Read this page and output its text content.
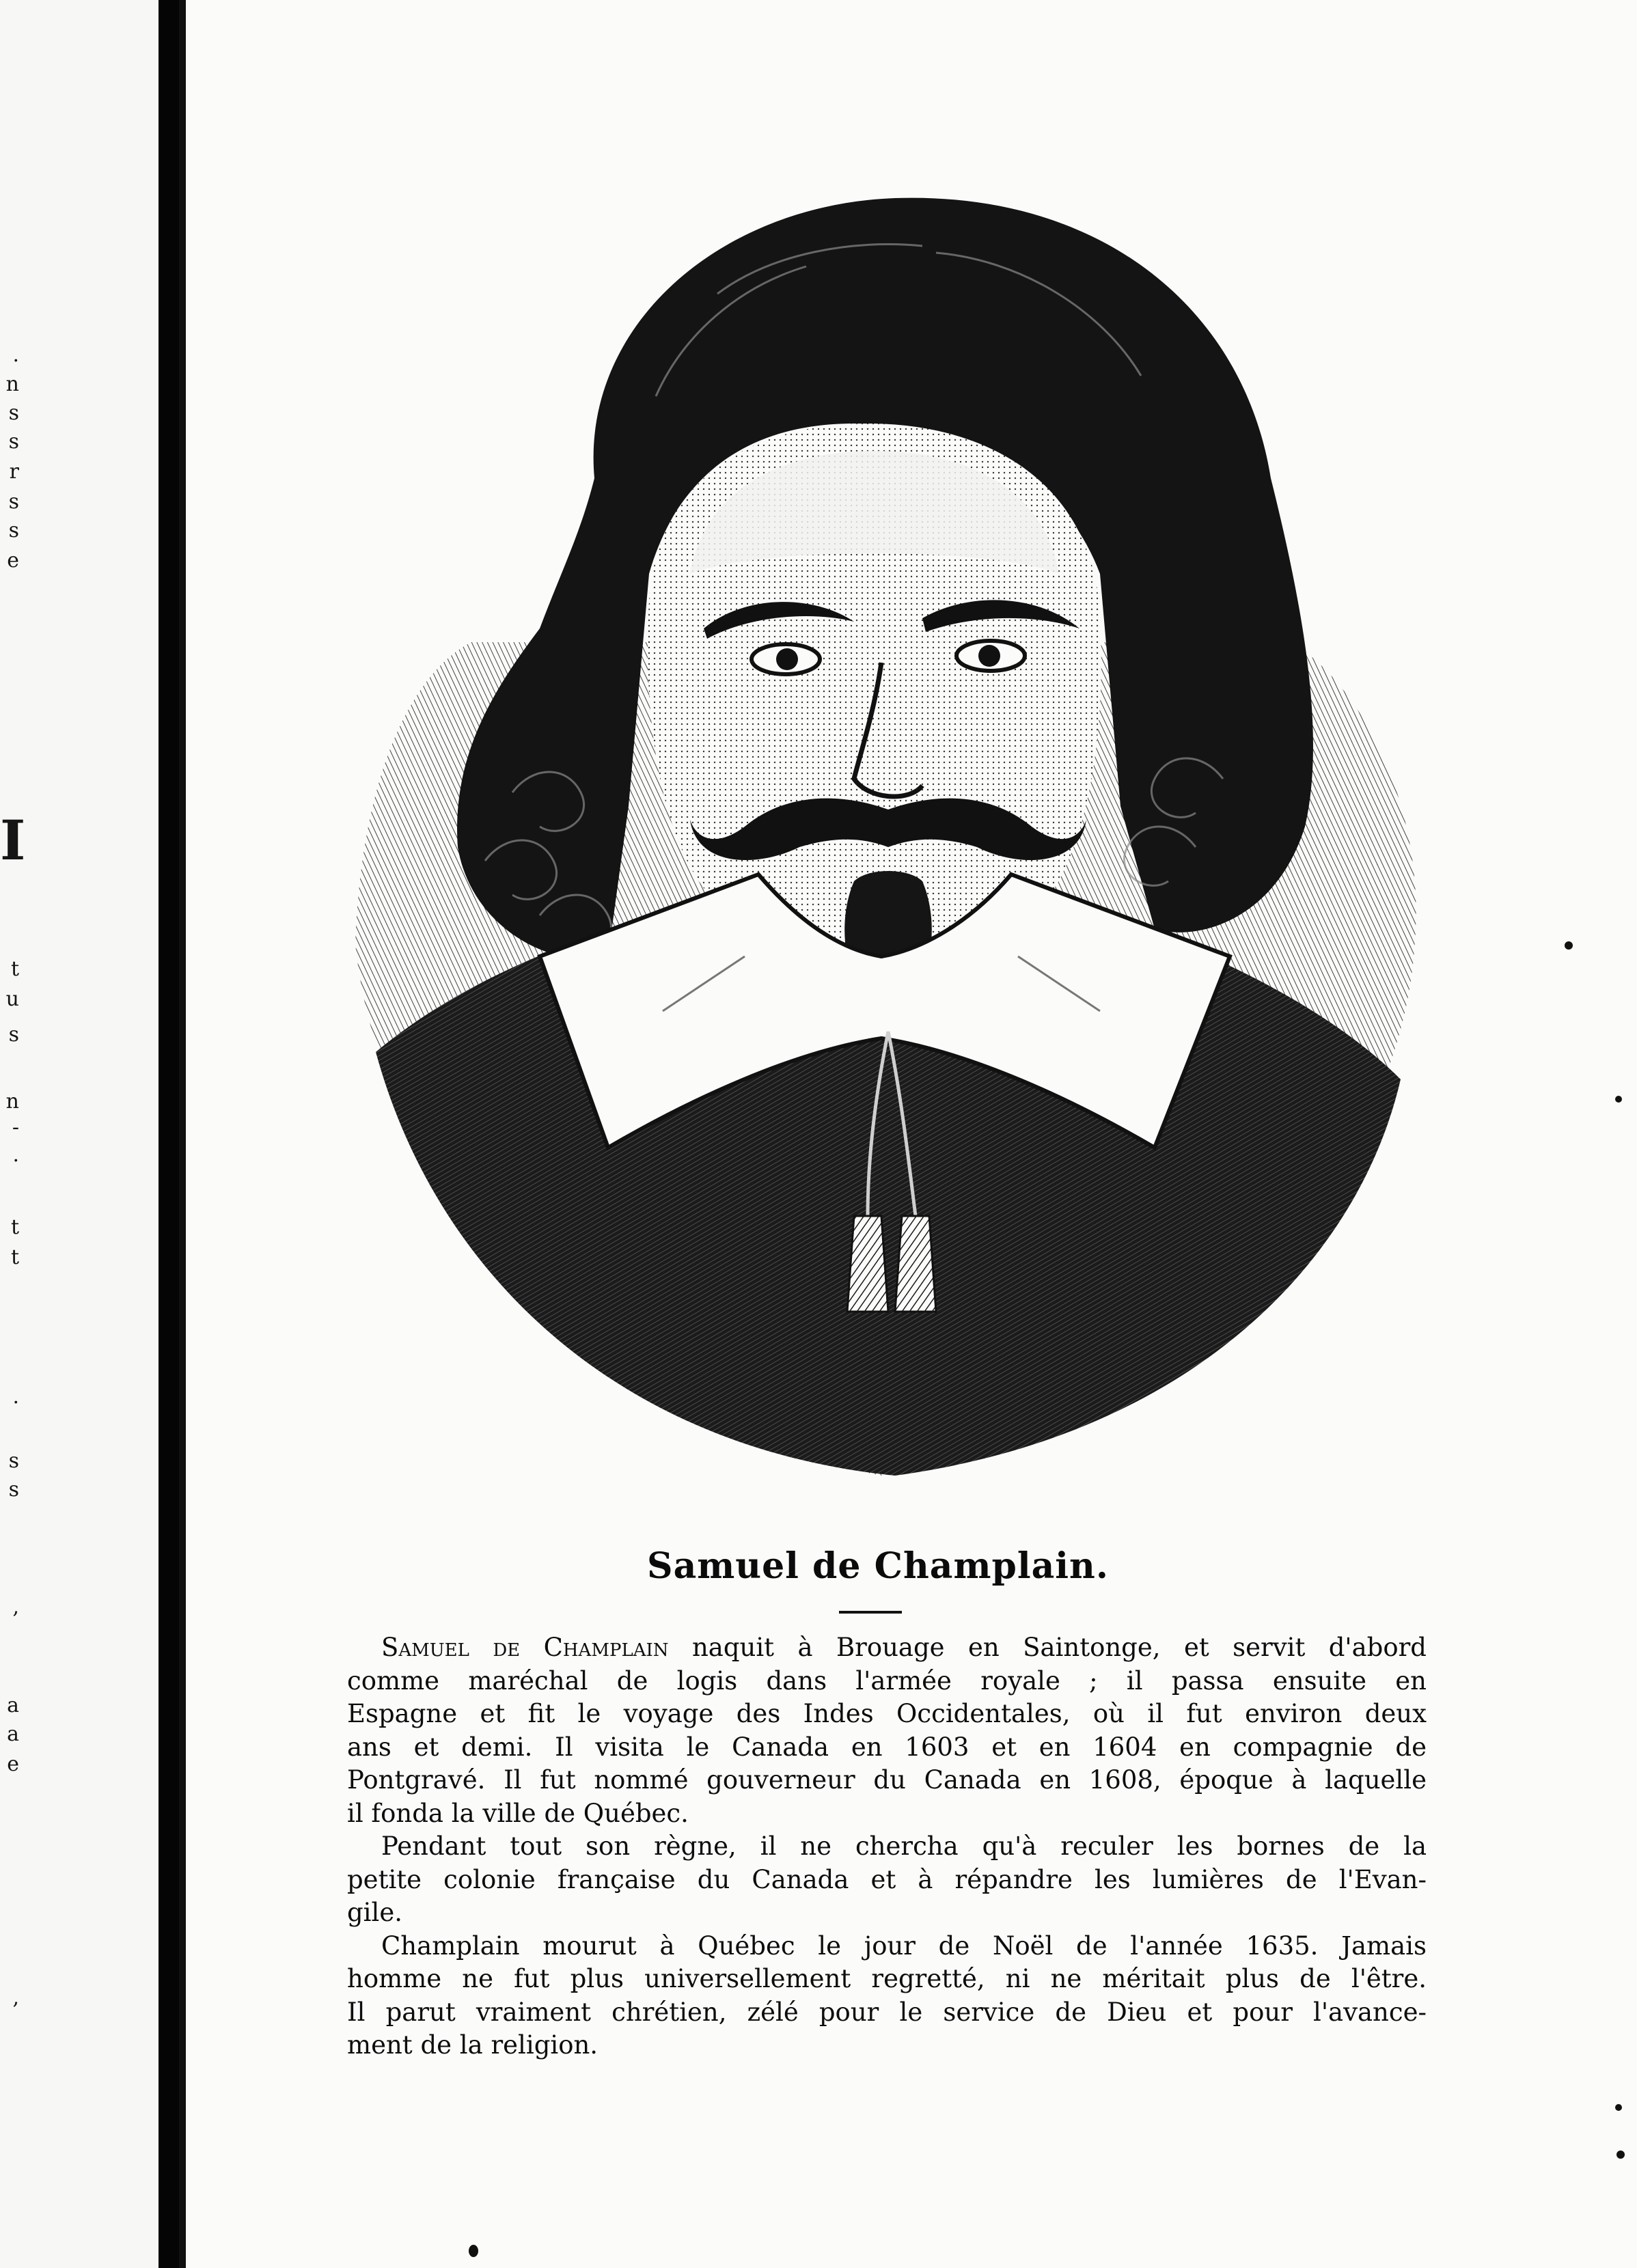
.
n
s
s
r
s
s
e
I
t
u
s
n
-
.
t
t
.
s
s
,
a
a
e
,
Samuel de Champlain.

Samuel de Champlain naquit à Brouage en Saintonge, et servit d'abord
comme maréchal de logis dans l'armée royale ; il passa ensuite en
Espagne et fit le voyage des Indes Occidentales, où il fut environ deux
ans et demi. Il visita le Canada en 1603 et en 1604 en compagnie de
Pontgravé. Il fut nommé gouverneur du Canada en 1608, époque à laquelle
il fonda la ville de Québec.

Pendant tout son règne, il ne chercha qu'à reculer les bornes de la
petite colonie française du Canada et à répandre les lumières de l'Evan-
gile.

Champlain mourut à Québec le jour de Noël de l'année 1635. Jamais
homme ne fut plus universellement regretté, ni ne méritait plus de l'être.
Il parut vraiment chrétien, zélé pour le service de Dieu et pour l'avance-
ment de la religion.
